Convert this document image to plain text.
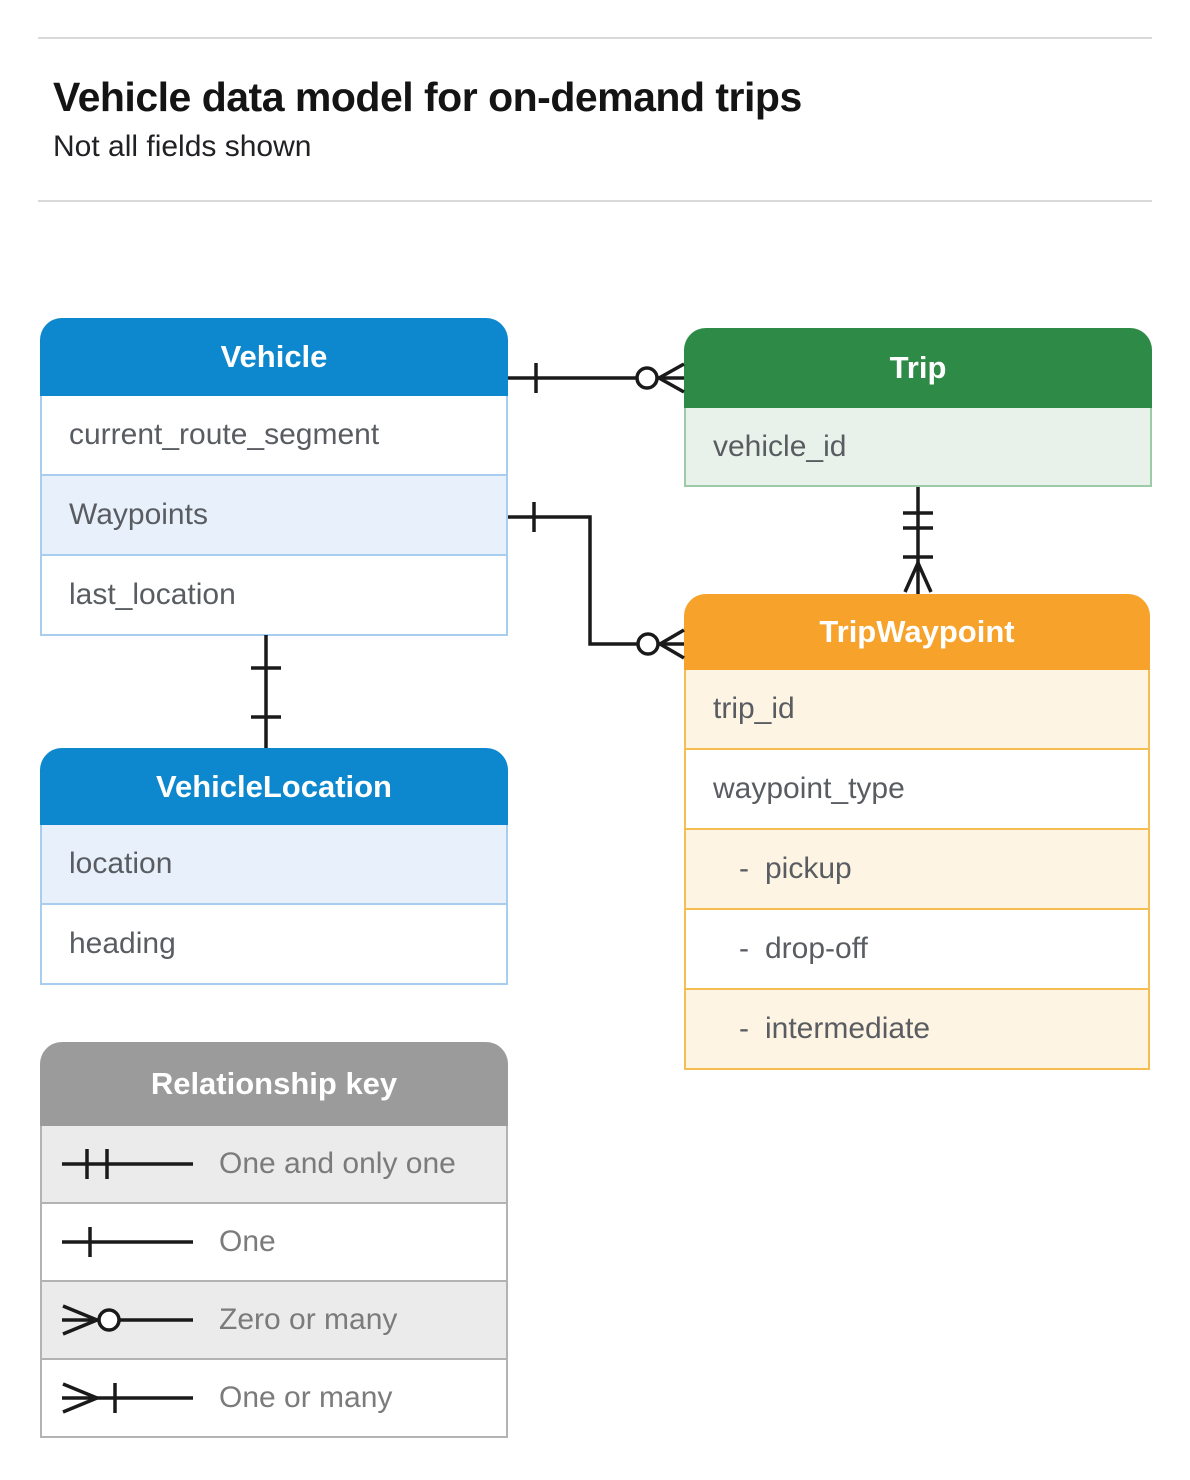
Vehicle data model for on-demand trips
Not all fields shown
Vehicle
current_route_segment
Waypoints
last_location
Trip
vehicle_id
TripWaypoint
trip_id
waypoint_type
- pickup
- drop-off
- intermediate
VehicleLocation
location
heading
Relationship key
One and only one
One
Zero or many
One or many
